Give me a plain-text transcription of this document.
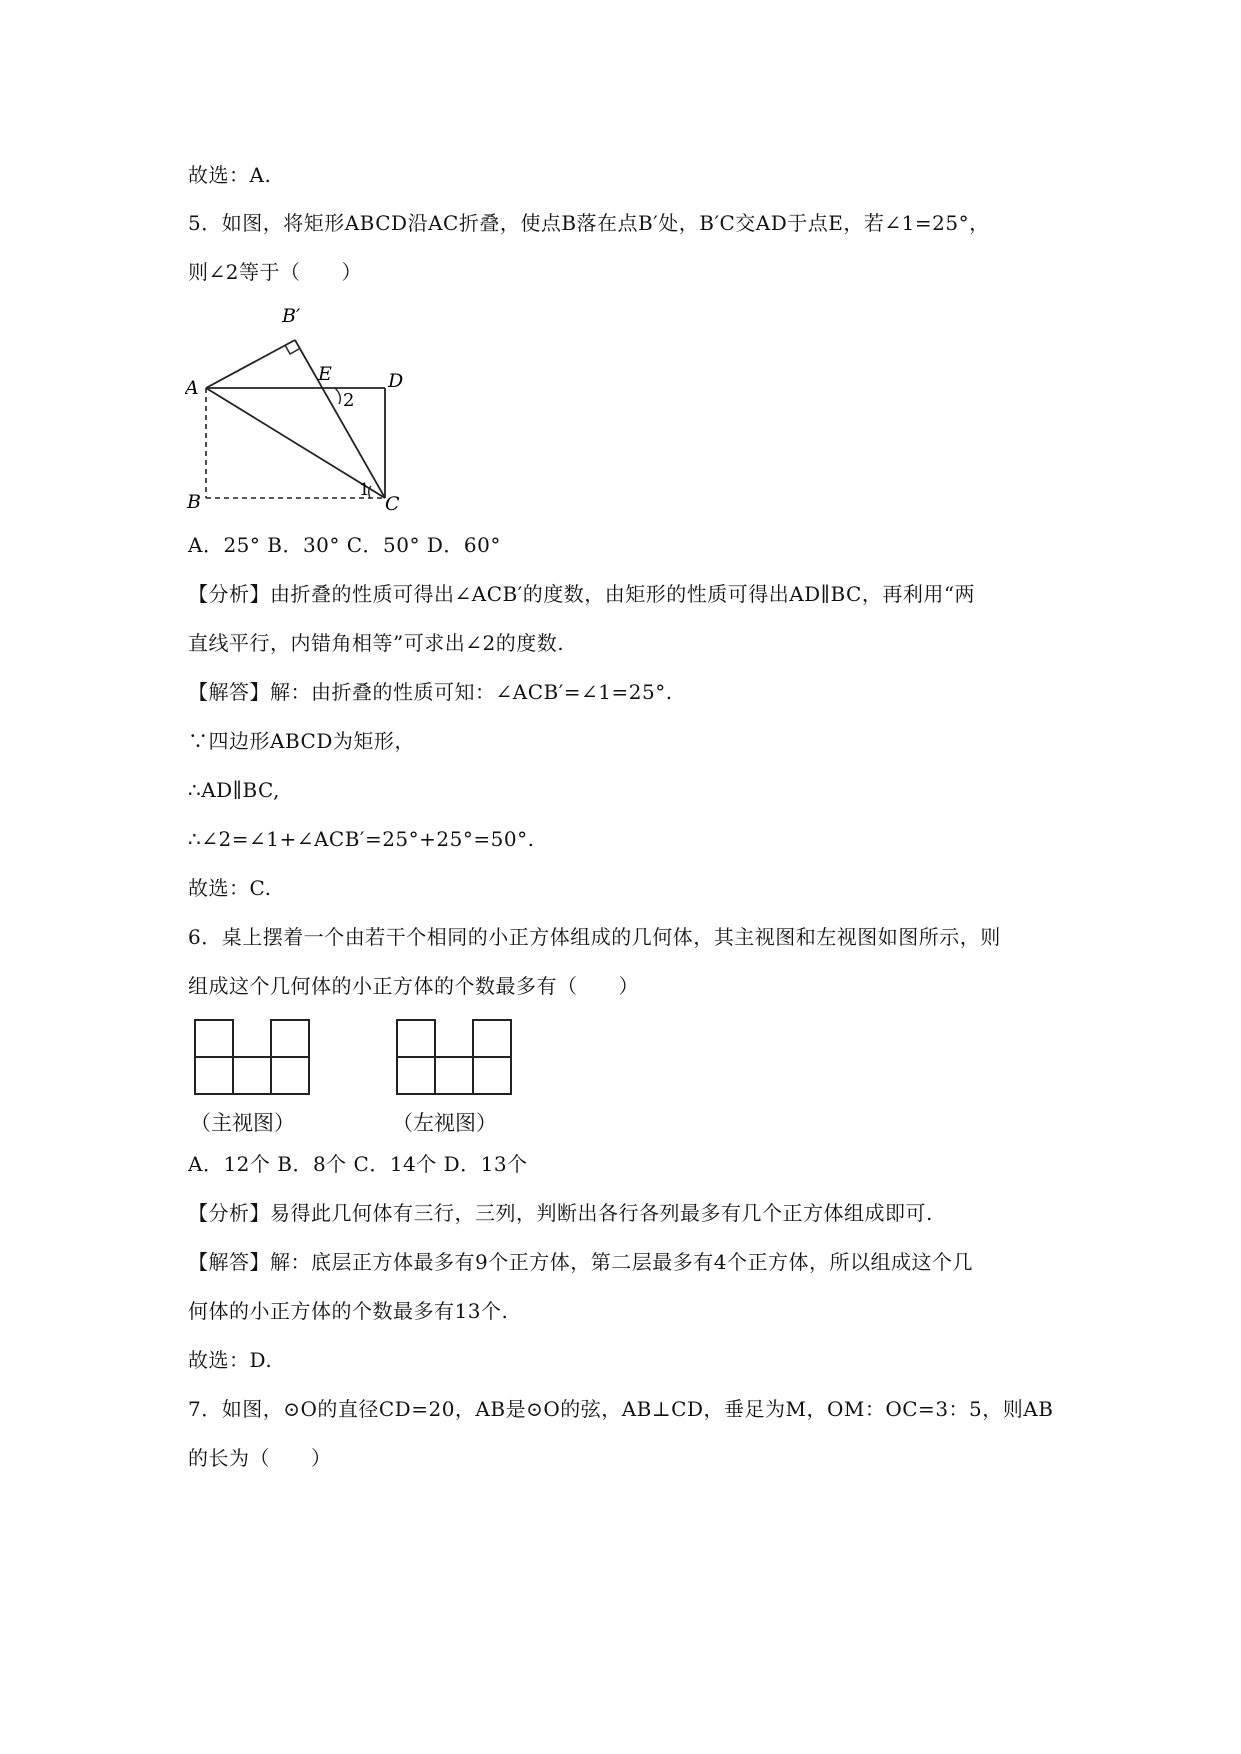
故选：A.
5．如图，将矩形ABCD沿AC折叠，使点B落在点B′处，B′C交AD于点E，若∠1=25°，
则∠2等于（　　）
B′
A
E	D
2
B
1
C
A．25° B．30° C．50° D．60°
【分析】由折叠的性质可得出∠ACB′的度数，由矩形的性质可得出AD∥BC，再利用“两
直线平行，内错角相等”可求出∠2的度数.
【解答】解：由折叠的性质可知：∠ACB′=∠1=25°.
∵四边形ABCD为矩形，
∴AD∥BC,
∴∠2=∠1+∠ACB′=25°+25°=50°.
故选：C.
6．桌上摆着一个由若干个相同的小正方体组成的几何体，其主视图和左视图如图所示，则
组成这个几何体的小正方体的个数最多有（　　）
（主视图）	（左视图）
A．12个 B．8个 C．14个 D．13个
【分析】易得此几何体有三行，三列，判断出各行各列最多有几个正方体组成即可.
【解答】解：底层正方体最多有9个正方体，第二层最多有4个正方体，所以组成这个几
何体的小正方体的个数最多有13个.
故选：D.
7．如图，⊙O的直径CD=20，AB是⊙O的弦，AB⊥CD，垂足为M，OM：OC=3：5，则AB
的长为（　　）
